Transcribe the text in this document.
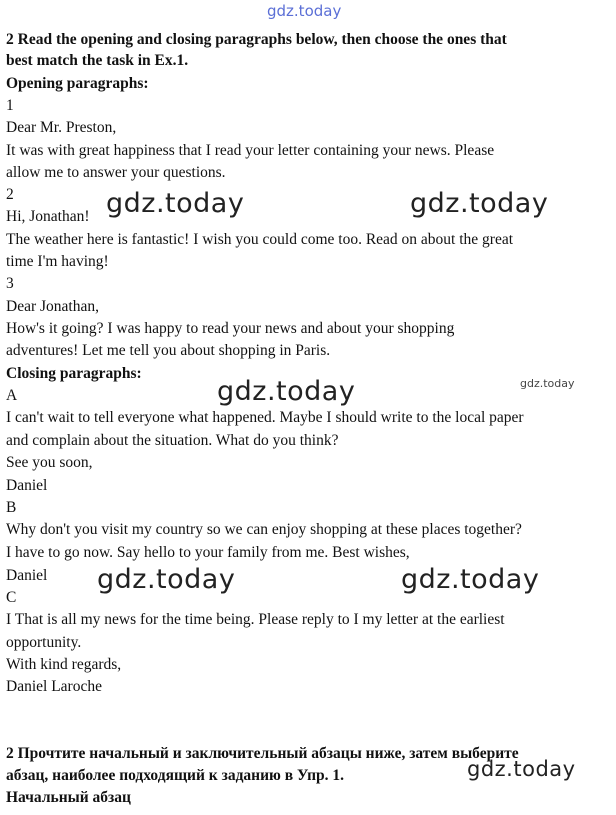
gdz.today
2 Read the opening and closing paragraphs below, then choose the ones that
best match the task in Ex.1.
Opening paragraphs:
1
Dear Mr. Preston,
It was with great happiness that I read your letter containing your news. Please
allow me to answer your questions.
2
Hi, Jonathan!
The weather here is fantastic! I wish you could come too. Read on about the great
time I'm having!
3
Dear Jonathan,
How's it going? I was happy to read your news and about your shopping
adventures! Let me tell you about shopping in Paris.
Closing paragraphs:
A
I can't wait to tell everyone what happened. Maybe I should write to the local paper
and complain about the situation. What do you think?
See you soon,
Daniel
B
Why don't you visit my country so we can enjoy shopping at these places together?
I have to go now. Say hello to your family from me. Best wishes,
Daniel
C
I That is all my news for the time being. Please reply to I my letter at the earliest
opportunity.
With kind regards,
Daniel Laroche
2 Прочтите начальный и заключительный абзацы ниже, затем выберите
абзац, наиболее подходящий к заданию в Упр. 1.
Начальный абзац
gdz.today	gdz.today
gdz.today	gdz.today
gdz.today	gdz.today
gdz.today
